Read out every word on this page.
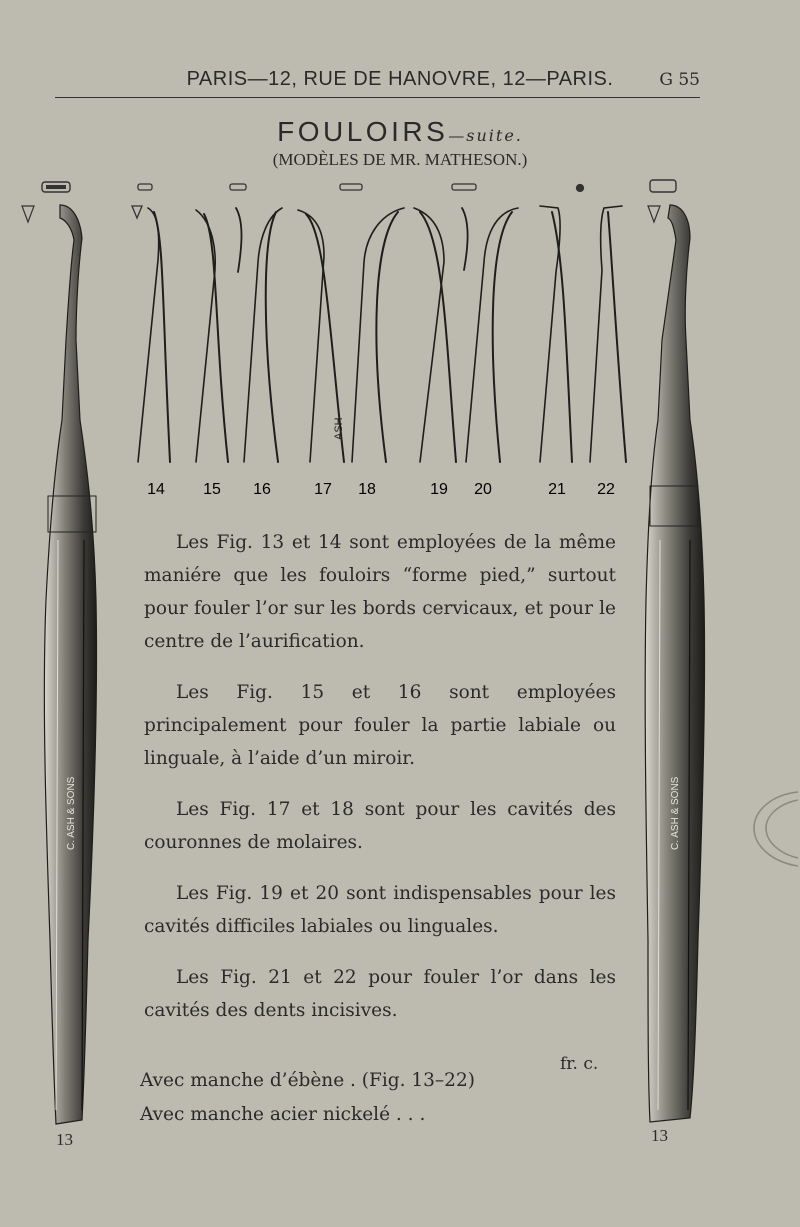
PARIS—12, RUE DE HANOVRE, 12—PARIS.	G 55
FOULOIRS—suite.
(MODÈLES DE MR. MATHESON.)
C. ASH & SONS	C. ASH & SONS
ASH
14 15 16	17 18	19 20	21 22

Les Fig. 13 et 14 sont employées de la même maniére que les fouloirs “forme pied,” surtout pour fouler l’or sur les bords cervicaux, et pour le centre de l’aurification.

Les Fig. 15 et 16 sont employées principalement pour fouler la partie labiale ou linguale, à l’aide d’un miroir.

Les Fig. 17 et 18 sont pour les cavités des couronnes de molaires.

Les Fig. 19 et 20 sont indispensables pour les cavités difficiles labiales ou linguales.

Les Fig. 21 et 22 pour fouler l’or dans les cavités des dents incisives.

fr. c.
Avec manche d’ébène . (Fig. 13–22)
Avec manche acier nickelé . . .
13	13
